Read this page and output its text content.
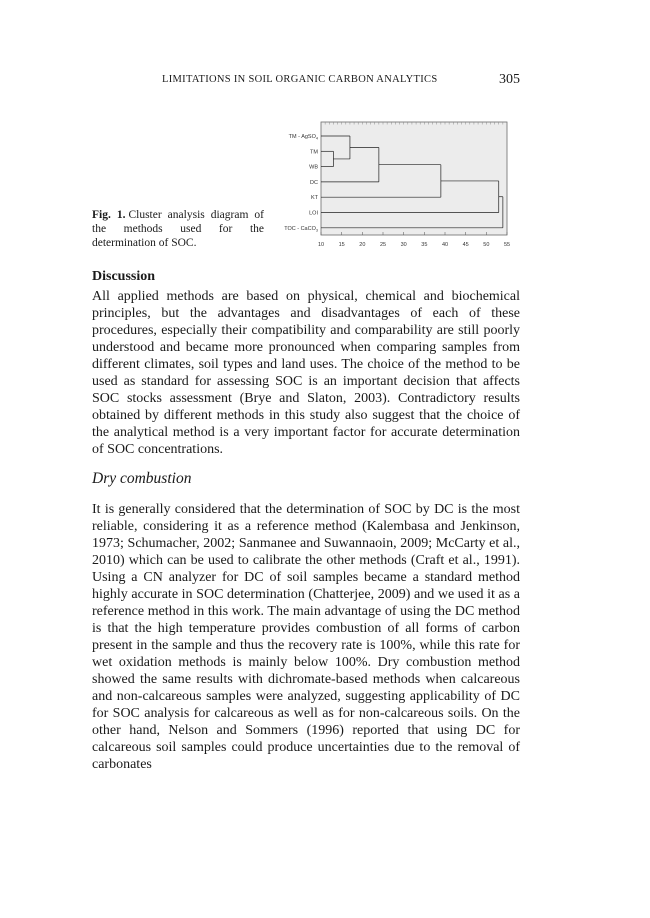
LIMITATIONS IN SOIL ORGANIC CARBON ANALYTICS	305
Fig. 1. Cluster analysis diagram of the methods used for the determination of SOC.	10	15	20	25	30	35	40	45	50	55
TM - AgSO$_4$
TM
WB
DC
KT
LOI
TOC - CaCO$_3$
Discussion

All applied methods are based on physical, chemical and biochemical principles, but the advantages and disadvantages of each of these procedures, especially their compatibility and comparability are still poorly understood and became more pronounced when comparing samples from different climates, soil types and land uses. The choice of the method to be used as standard for assessing SOC is an important decision that affects SOC stocks assessment (Brye and Slaton, 2003). Contradictory results obtained by different methods in this study also suggest that the choice of the analytical method is a very important factor for accurate determination of SOC concentrations.

Dry combustion

It is generally considered that the determination of SOC by DC is the most reliable, considering it as a reference method (Kalembasa and Jenkinson, 1973; Schumacher, 2002; Sanmanee and Suwannaoin, 2009; McCarty et al., 2010) which can be used to calibrate the other methods (Craft et al., 1991). Using a CN analyzer for DC of soil samples became a standard method highly accurate in SOC determination (Chatterjee, 2009) and we used it as a reference method in this work. The main advantage of using the DC method is that the high temperature provides combustion of all forms of carbon present in the sample and thus the recovery rate is 100%, while this rate for wet oxidation methods is mainly below 100%. Dry combustion method showed the same results with dichromate-based methods when calcareous and non-calcareous samples were analyzed, suggesting applicability of DC for SOC analysis for calcareous as well as for non-calcareous soils. On the other hand, Nelson and Sommers (1996) reported that using DC for calcareous soil samples could produce uncertainties due to the removal of carbonates
